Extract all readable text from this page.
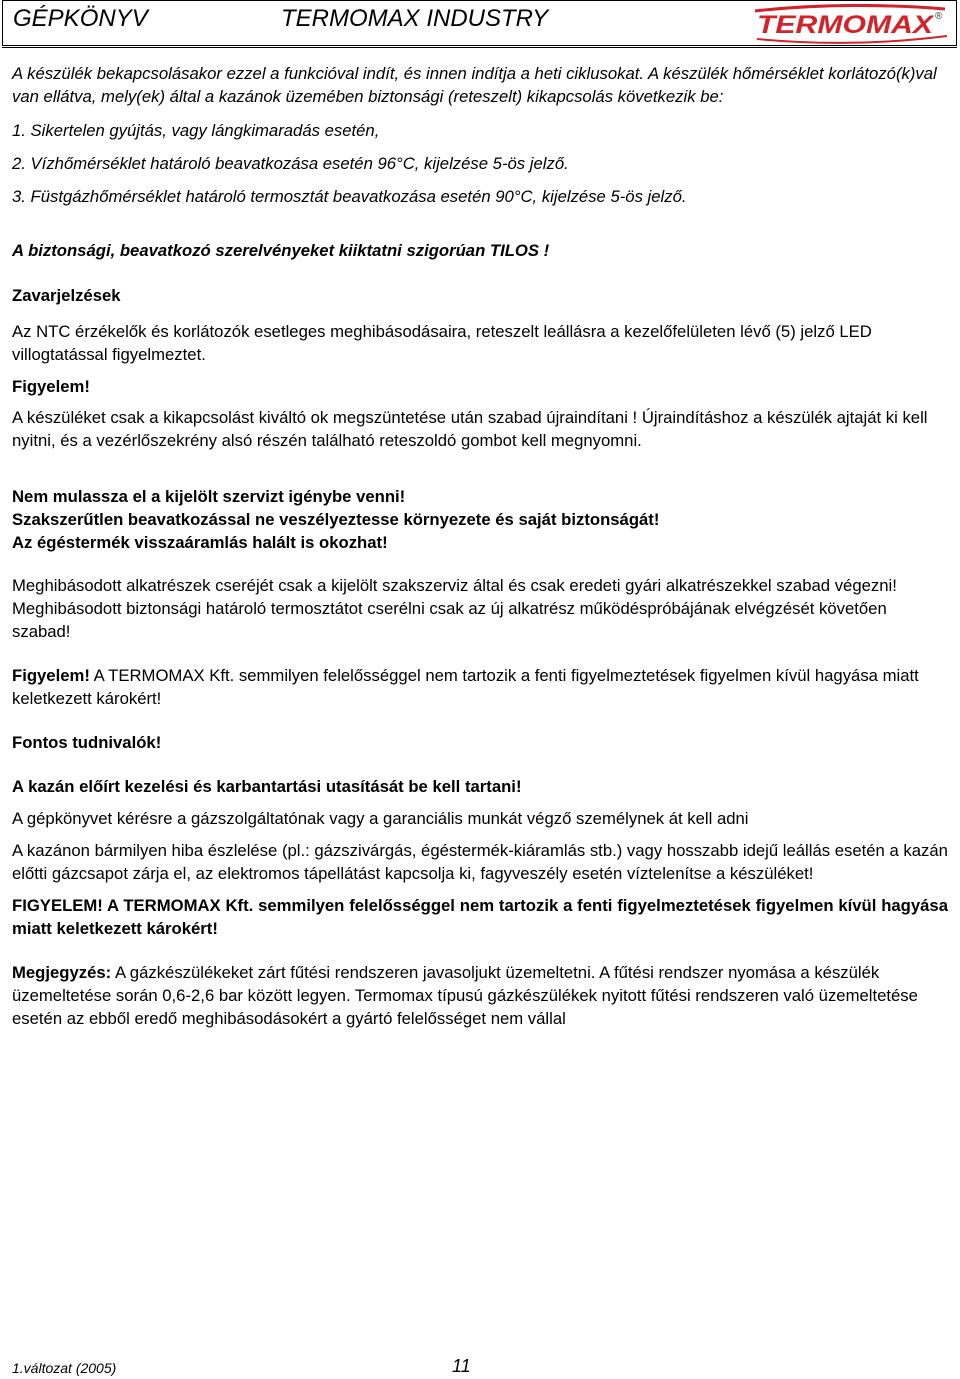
GÉPKÖNYV	TERMOMAX INDUSTRY	TERMOMAX ®

A készülék bekapcsolásakor ezzel a funkcióval indít, és innen indítja a heti ciklusokat. A készülék hőmérséklet korlátozó(k)val van ellátva, mely(ek) által a kazánok üzemében biztonsági (reteszelt) kikapcsolás következik be:

1. Sikertelen gyújtás, vagy lángkimaradás esetén,

2. Vízhőmérséklet határoló beavatkozása esetén 96°C, kijelzése 5-ös jelző.

3. Füstgázhőmérséklet határoló termosztát beavatkozása esetén 90°C, kijelzése 5-ös jelző.

A biztonsági, beavatkozó szerelvényeket kiiktatni szigorúan TILOS !

Zavarjelzések

Az NTC érzékelők és korlátozók esetleges meghibásodásaira, reteszelt leállásra a kezelőfelületen lévő (5) jelző LED villogtatással figyelmeztet.

Figyelem!

A készüléket csak a kikapcsolást kiváltó ok megszüntetése után szabad újraindítani ! Újraindításhoz a készülék ajtaját ki kell nyitni, és a vezérlőszekrény alsó részén található reteszoldó gombot kell megnyomni.

Nem mulassza el a kijelölt szervizt igénybe venni!

Szakszerűtlen beavatkozással ne veszélyeztesse környezete és saját biztonságát!

Az égéstermék visszaáramlás halált is okozhat!

Meghibásodott alkatrészek cseréjét csak a kijelölt szakszerviz által és csak eredeti gyári alkatrészekkel szabad végezni! Meghibásodott biztonsági határoló termosztátot cserélni csak az új alkatrész működéspróbájának elvégzését követően szabad!

Figyelem! A TERMOMAX Kft. semmilyen felelősséggel nem tartozik a fenti figyelmeztetések figyelmen kívül hagyása miatt keletkezett károkért!

Fontos tudnivalók!

A kazán előírt kezelési és karbantartási utasítását be kell tartani!

A gépkönyvet kérésre a gázszolgáltatónak vagy a garanciális munkát végző személynek át kell adni

A kazánon bármilyen hiba észlelése (pl.: gázszivárgás, égéstermék-kiáramlás stb.) vagy hosszabb idejű leállás esetén a kazán előtti gázcsapot zárja el, az elektromos tápellátást kapcsolja ki, fagyveszély esetén víztelenítse a készüléket!

FIGYELEM! A TERMOMAX Kft. semmilyen felelősséggel nem tartozik a fenti figyelmeztetések figyelmen kívül hagyása miatt keletkezett károkért!

Megjegyzés: A gázkészülékeket zárt fűtési rendszeren javasoljukt üzemeltetni. A fűtési rendszer nyomása a készülék üzemeltetése során 0,6-2,6 bar között legyen. Termomax típusú gázkészülékek nyitott fűtési rendszeren való üzemeltetése esetén az ebből eredő meghibásodásokért a gyártó felelősséget nem vállal

1.változat (2005)	11
